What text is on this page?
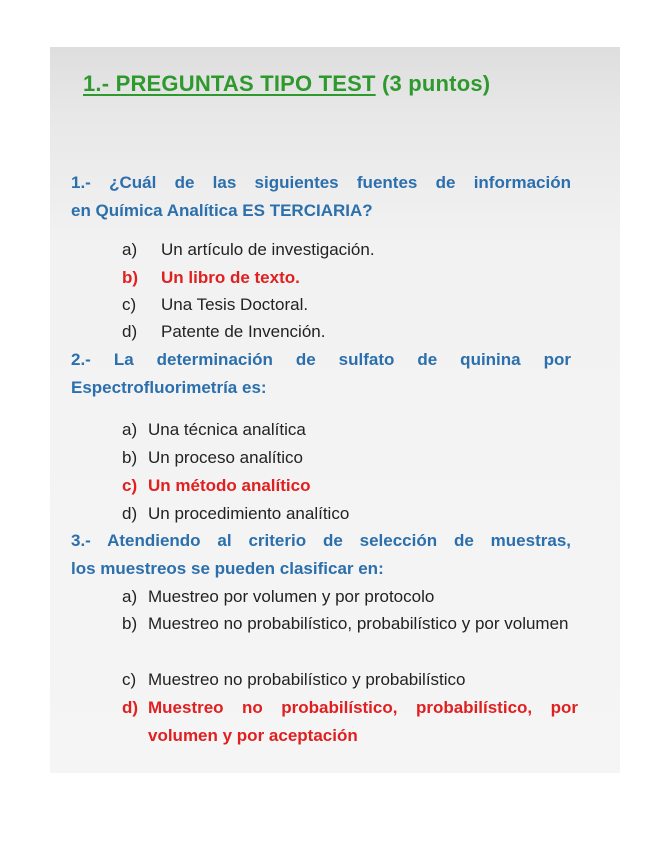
1.- PREGUNTAS TIPO TEST (3 puntos)
1.- ¿Cuál de las siguientes fuentes de información
en Química Analítica ES TERCIARIA?
a) Un artículo de investigación.
b) Un libro de texto.
c) Una Tesis Doctoral.
d) Patente de Invención.
2.- La determinación de sulfato de quinina por
Espectrofluorimetría es:
a) Una técnica analítica
b) Un proceso analítico
c) Un método analítico
d) Un procedimiento analítico
3.- Atendiendo al criterio de selección de muestras,
los muestreos se pueden clasificar en:
a) Muestreo por volumen y por protocolo
b) Muestreo no probabilístico, probabilístico y por volumen
c) Muestreo no probabilístico y probabilístico
d) Muestreo no probabilístico, probabilístico, por volumen y por aceptación
